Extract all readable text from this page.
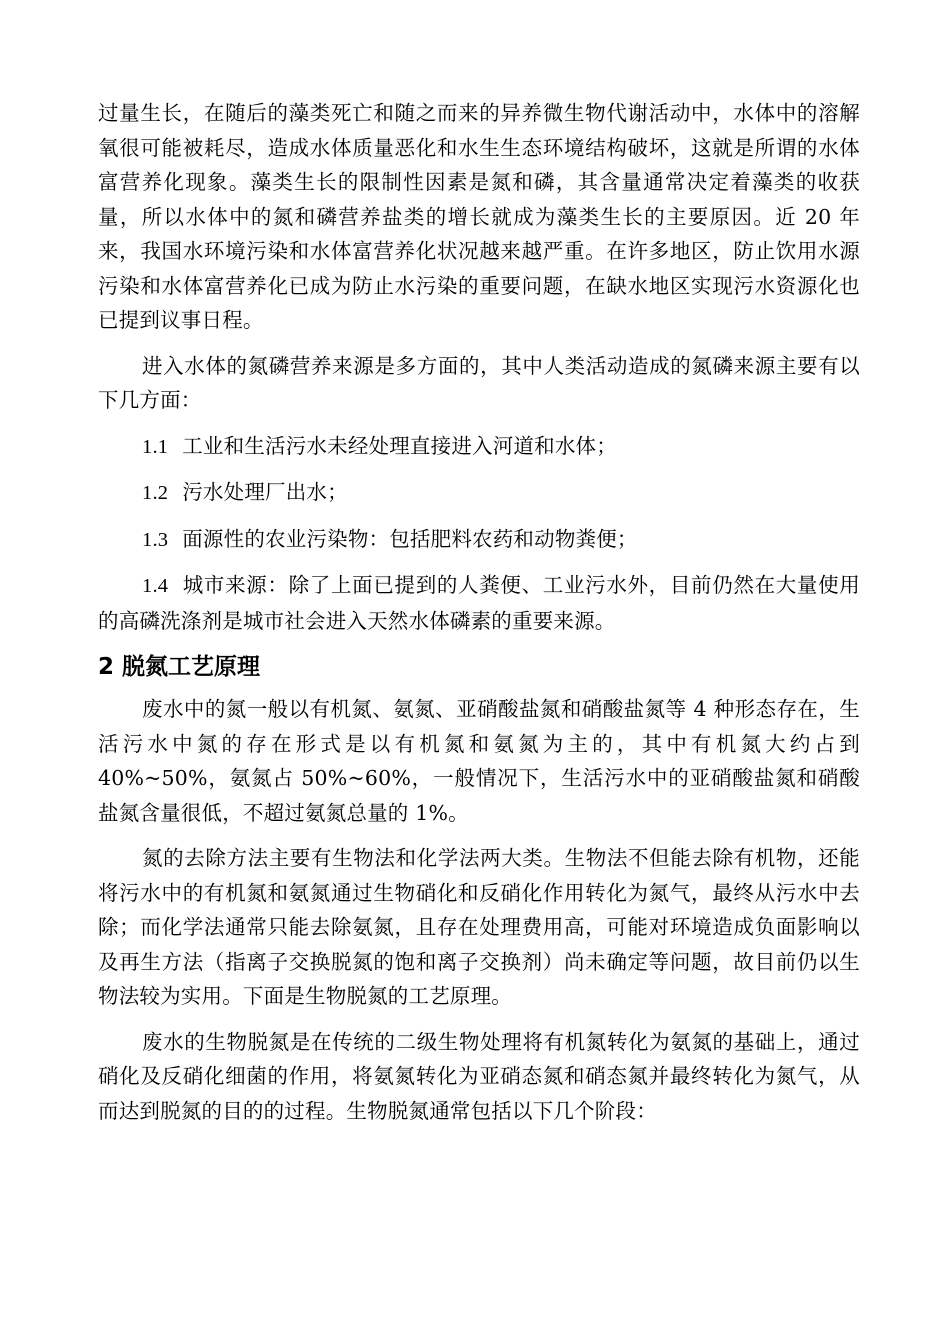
过量生长，在随后的藻类死亡和随之而来的异养微生物代谢活动中，水体中的溶解氧很可能被耗尽，造成水体质量恶化和水生生态环境结构破坏，这就是所谓的水体富营养化现象。藻类生长的限制性因素是氮和磷，其含量通常决定着藻类的收获量，所以水体中的氮和磷营养盐类的增长就成为藻类生长的主要原因。近 20 年来，我国水环境污染和水体富营养化状况越来越严重。在许多地区，防止饮用水源污染和水体富营养化已成为防止水污染的重要问题，在缺水地区实现污水资源化也已提到议事日程。

进入水体的氮磷营养来源是多方面的，其中人类活动造成的氮磷来源主要有以下几方面：

1.1 工业和生活污水未经处理直接进入河道和水体；

1.2 污水处理厂出水；

1.3 面源性的农业污染物：包括肥料农药和动物粪便；

1.4 城市来源：除了上面已提到的人粪便、工业污水外，目前仍然在大量使用的高磷洗涤剂是城市社会进入天然水体磷素的重要来源。

2 脱氮工艺原理

废水中的氮一般以有机氮、氨氮、亚硝酸盐氮和硝酸盐氮等 4 种形态存在，生活污水中氮的存在形式是以有机氮和氨氮为主的，其中有机氮大约占到 40%~50%，氨氮占 50%~60%，一般情况下，生活污水中的亚硝酸盐氮和硝酸盐氮含量很低，不超过氨氮总量的 1%。

氮的去除方法主要有生物法和化学法两大类。生物法不但能去除有机物，还能将污水中的有机氮和氨氮通过生物硝化和反硝化作用转化为氮气，最终从污水中去除；而化学法通常只能去除氨氮，且存在处理费用高，可能对环境造成负面影响以及再生方法（指离子交换脱氮的饱和离子交换剂）尚未确定等问题，故目前仍以生物法较为实用。下面是生物脱氮的工艺原理。

废水的生物脱氮是在传统的二级生物处理将有机氮转化为氨氮的基础上，通过硝化及反硝化细菌的作用，将氨氮转化为亚硝态氮和硝态氮并最终转化为氮气，从而达到脱氮的目的的过程。生物脱氮通常包括以下几个阶段：
